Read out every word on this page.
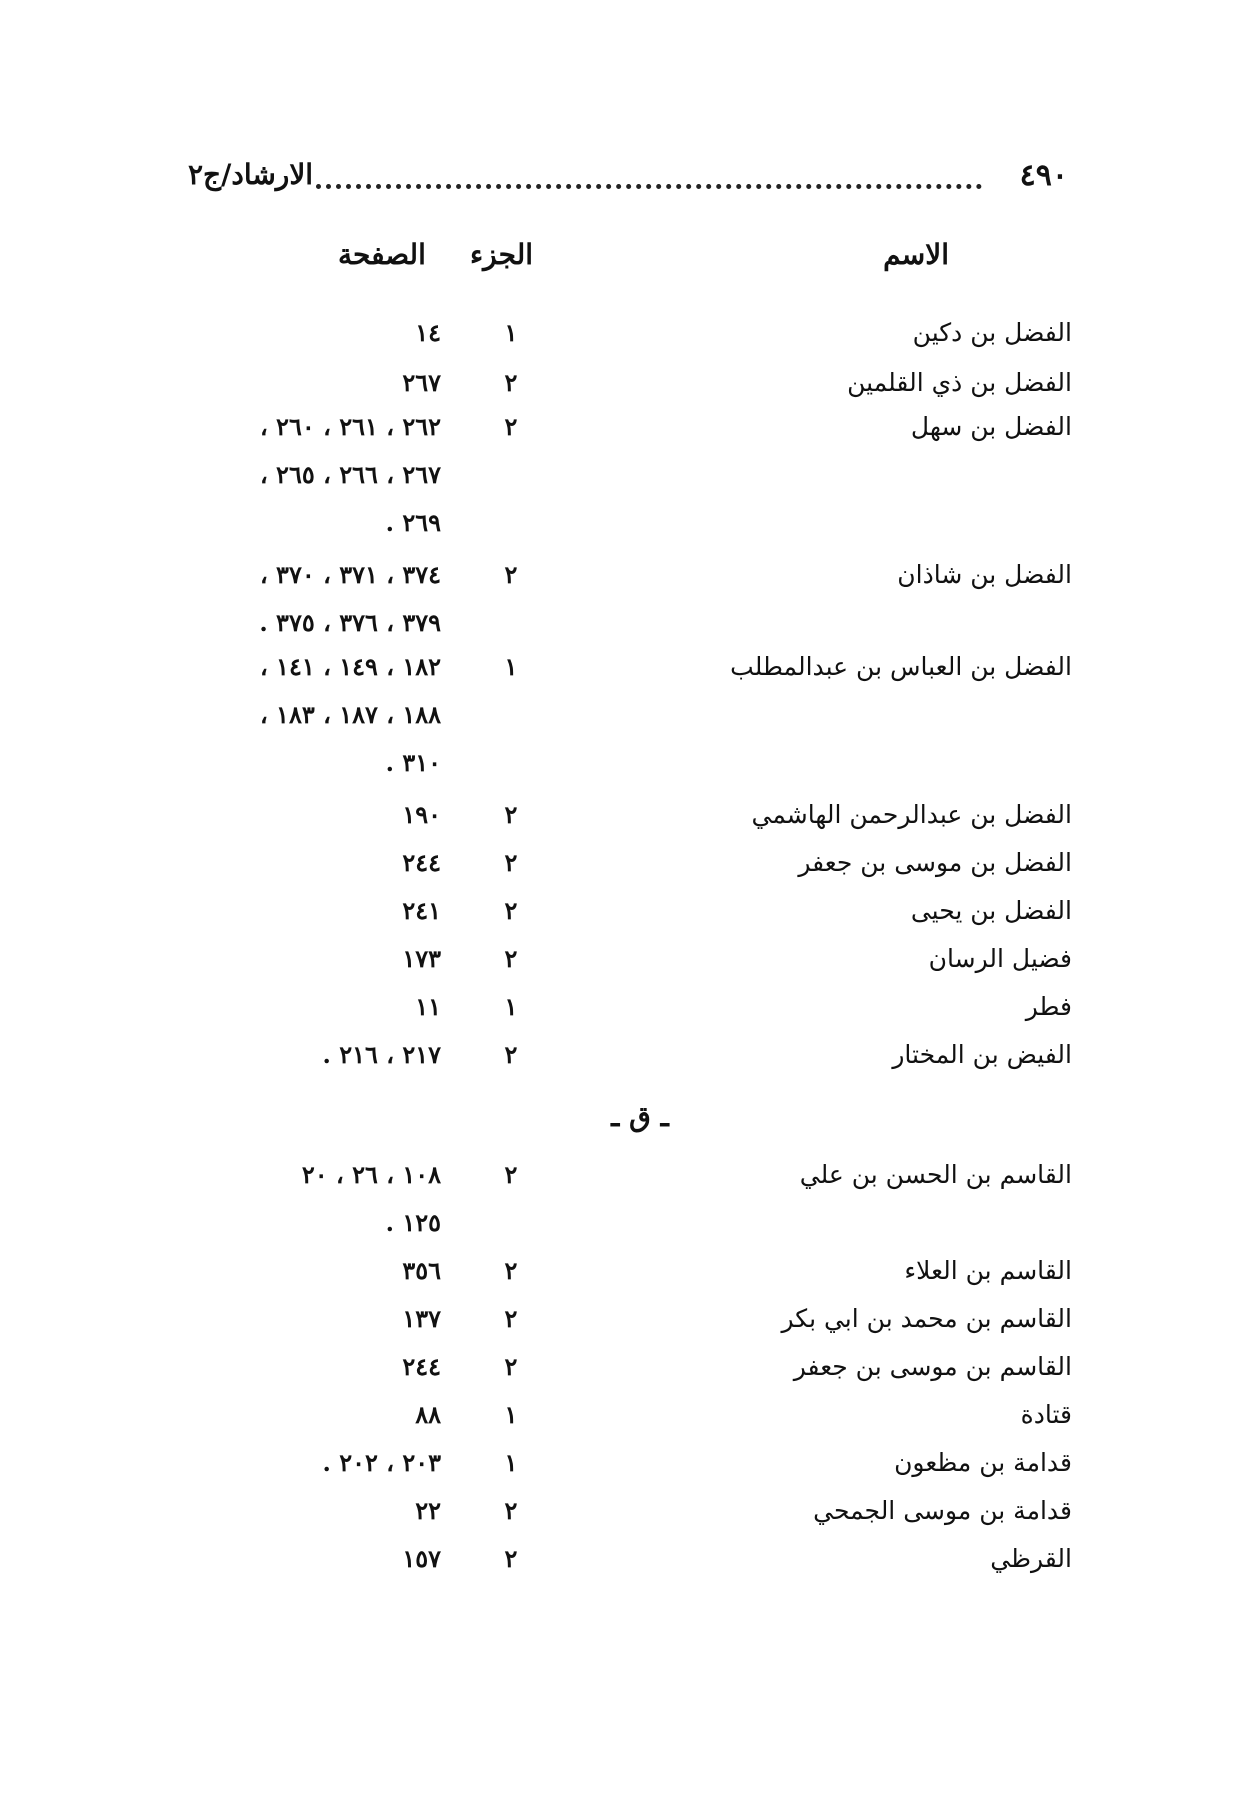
٤٩٠
الارشاد/ج٢
الاسم
الجزء
الصفحة
الفضل بن دكين
١
١٤
الفضل بن ذي القلمين
٢
٢٦٧
الفضل بن سهل
٢
، ٢٦٢ ، ٢٦١ ، ٢٦٠
، ٢٦٧ ، ٢٦٦ ، ٢٦٥
. ٢٦٩
الفضل بن شاذان
٢
، ٣٧٤ ، ٣٧١ ، ٣٧٠
. ٣٧٩ ، ٣٧٦ ، ٣٧٥
الفضل بن العباس بن عبدالمطلب
١
، ١٨٢ ، ١٤٩ ، ١٤١
، ١٨٨ ، ١٨٧ ، ١٨٣
. ٣١٠
الفضل بن عبدالرحمن الهاشمي
٢
١٩٠
الفضل بن موسى بن جعفر
٢
٢٤٤
الفضل بن يحيى
٢
٢٤١
فضيل الرسان
٢
١٧٣
فطر
١
١١
الفيض بن المختار
٢
. ٢١٧ ، ٢١٦
القاسم بن الحسن بن علي
٢
١٠٨ ، ٢٦ ، ٢٠
. ١٢٥
القاسم بن العلاء
٢
٣٥٦
القاسم بن محمد بن ابي بكر
٢
١٣٧
القاسم بن موسى بن جعفر
٢
٢٤٤
قتادة
١
٨٨
قدامة بن مظعون
١
. ٢٠٣ ، ٢٠٢
قدامة بن موسى الجمحي
٢
٢٢
القرظي
٢
١٥٧
ـ ق ـ
